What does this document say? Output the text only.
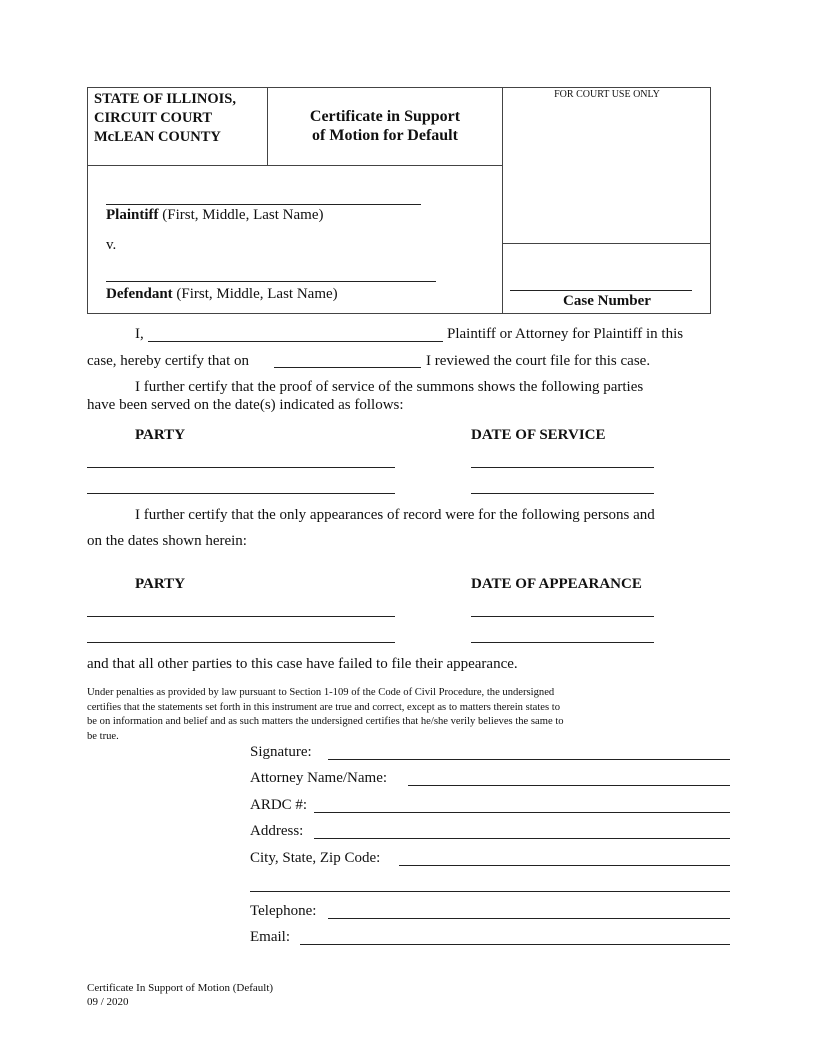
STATE OF ILLINOIS,
CIRCUIT COURT
McLEAN COUNTY
Certificate in Support
of Motion for Default
FOR COURT USE ONLY
Plaintiff (First, Middle, Last Name)
v.
Defendant (First, Middle, Last Name)	Case Number
I,	Plaintiff or Attorney for Plaintiff in this
case, hereby certify that on	I reviewed the court file for this case.
I further certify that the proof of service of the summons shows the following parties
have been served on the date(s) indicated as follows:
PARTY	DATE OF SERVICE
I further certify that the only appearances of record were for the following persons and
on the dates shown herein:
PARTY	DATE OF APPEARANCE
and that all other parties to this case have failed to file their appearance.
Under penalties as provided by law pursuant to Section 1-109 of the Code of Civil Procedure, the undersigned
certifies that the statements set forth in this instrument are true and correct, except as to matters therein states to
be on information and belief and as such matters the undersigned certifies that he/she verily believes the same to
be true.
Signature:
Attorney Name/Name:
ARDC #:
Address:
City, State, Zip Code:
Telephone:
Email:
Certificate In Support of Motion (Default)
09 / 2020
